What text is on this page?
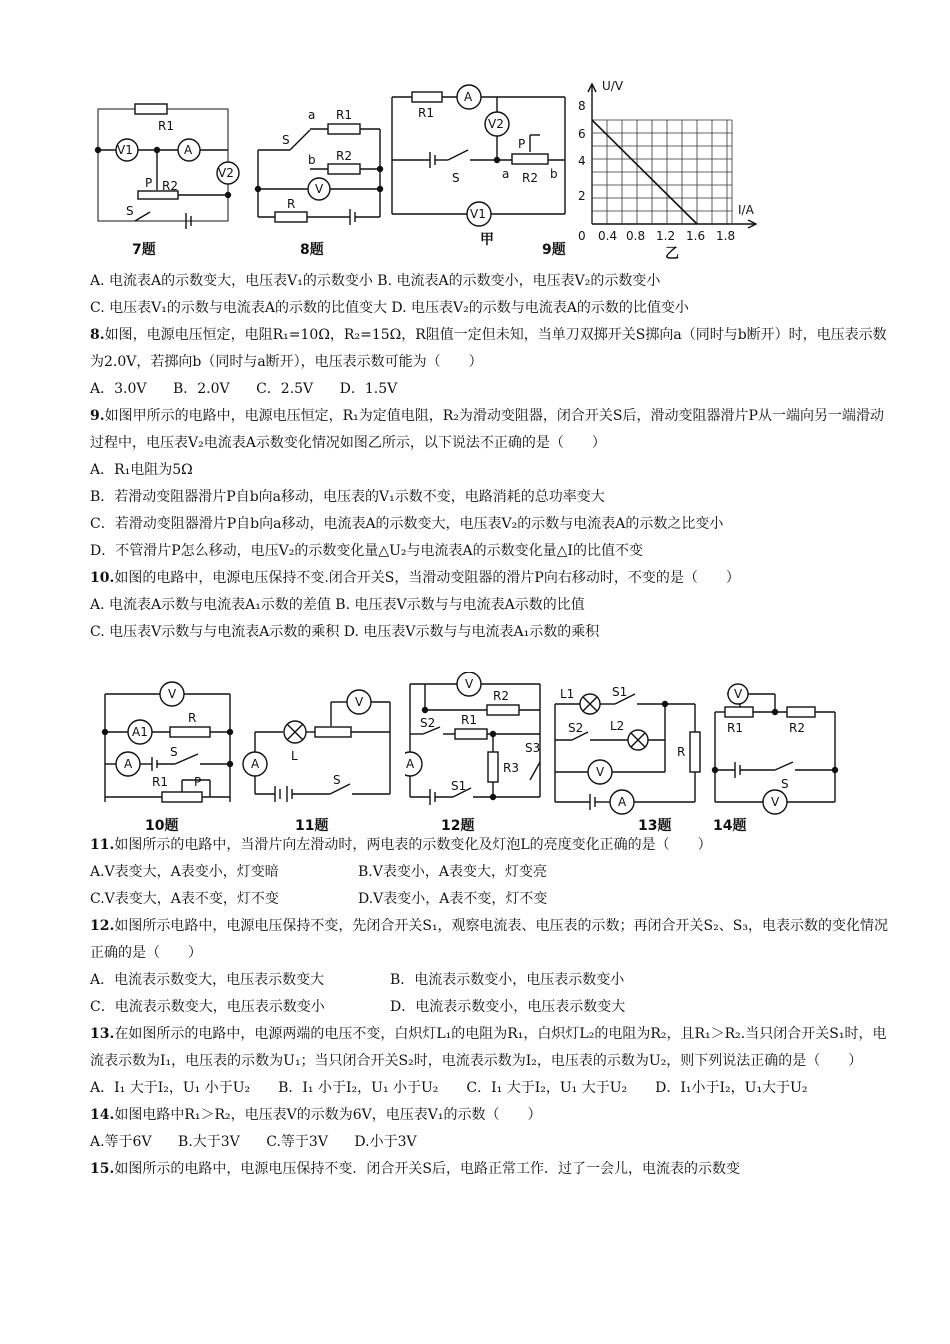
R1
V1	A
V2
P R2
S
7题
a R1
S
b R2
V
R
8题
R1
A
V2
P
S	a R2 b
V1
甲
9题
U/V
I/A
8
6
4
2
0 0.4 0.8 1.2 1.6 1.8
乙

A. 电流表A的示数变大，电压表V₁的示数变小 B. 电流表A的示数变小，电压表V₂的示数变小

C. 电压表V₁的示数与电流表A的示数的比值变大 D. 电压表V₂的示数与电流表A的示数的比值变小

8.如图，电源电压恒定，电阻R₁=10Ω，R₂=15Ω，R阻值一定但未知，当单刀双掷开关S掷向a（同时与b断开）时，电压表示数为2.0V，若掷向b（同时与a断开），电压表示数可能为（　　）

A．3.0V B．2.0V C．2.5V D．1.5V

9.如图甲所示的电路中，电源电压恒定，R₁为定值电阻，R₂为滑动变阻器，闭合开关S后，滑动变阻器滑片P从一端向另一端滑动过程中，电压表V₂电流表A示数变化情况如图乙所示，以下说法不正确的是（　　）

A．R₁电阻为5Ω

B．若滑动变阻器滑片P自b向a移动，电压表的V₁示数不变，电路消耗的总功率变大

C．若滑动变阻器滑片P自b向a移动，电流表A的示数变大，电压表V₂的示数与电流表A的示数之比变小

D．不管滑片P怎么移动，电压V₂的示数变化量△U₂与电流表A的示数变化量△I的比值不变

10.如图的电路中，电源电压保持不变.闭合开关S，当滑动变阻器的滑片P向右移动时，不变的是（　　）

A. 电流表A示数与电流表A₁示数的差值 B. 电压表V示数与与电流表A示数的比值

C. 电压表V示数与与电流表A示数的乘积 D. 电压表V示数与与电流表A₁示数的乘积

V
A1
R
A
S
R1 P
10题
A
L
V
S
11题
V
R2
S2 R1
R3
S3
A
S1
12题
L1	S1
R
S2 L2
V
A
13题
V
R1	R2
S
V
14题

11.如图所示的电路中，当滑片向左滑动时，两电表的示数变化及灯泡L的亮度变化正确的是（　　）

A.V表变大，A表变小，灯变暗	B.V表变小，A表变大，灯变亮

C.V表变大，A表不变，灯不变	D.V表变小，A表不变，灯不变

12.如图所示电路中，电源电压保持不变，先闭合开关S₁，观察电流表、电压表的示数；再闭合开关S₂、S₃，电表示数的变化情况正确的是（　　）

A．电流表示数变大，电压表示数变大	B．电流表示数变小，电压表示数变小

C．电流表示数变大，电压表示数变小	D．电流表示数变小，电压表示数变大

13.在如图所示的电路中，电源两端的电压不变，白炽灯L₁的电阻为R₁，白炽灯L₂的电阻为R₂，且R₁＞R₂.当只闭合开关S₁时，电流表示数为I₁，电压表的示数为U₁；当只闭合开关S₂时，电流表示数为I₂，电压表的示数为U₂，则下列说法正确的是（　　）

A．I₁ 大于I₂，U₁ 小于U₂　　B．I₁ 小于I₂，U₁ 小于U₂　　C．I₁ 大于I₂，U₁ 大于U₂　　D．I₁小于I₂，U₁大于U₂

14.如图电路中R₁＞R₂，电压表V的示数为6V，电压表V₁的示数（　　）

A.等于6V B.大于3V C.等于3V D.小于3V

15.如图所示的电路中，电源电压保持不变．闭合开关S后，电路正常工作．过了一会儿，电流表的示数变
